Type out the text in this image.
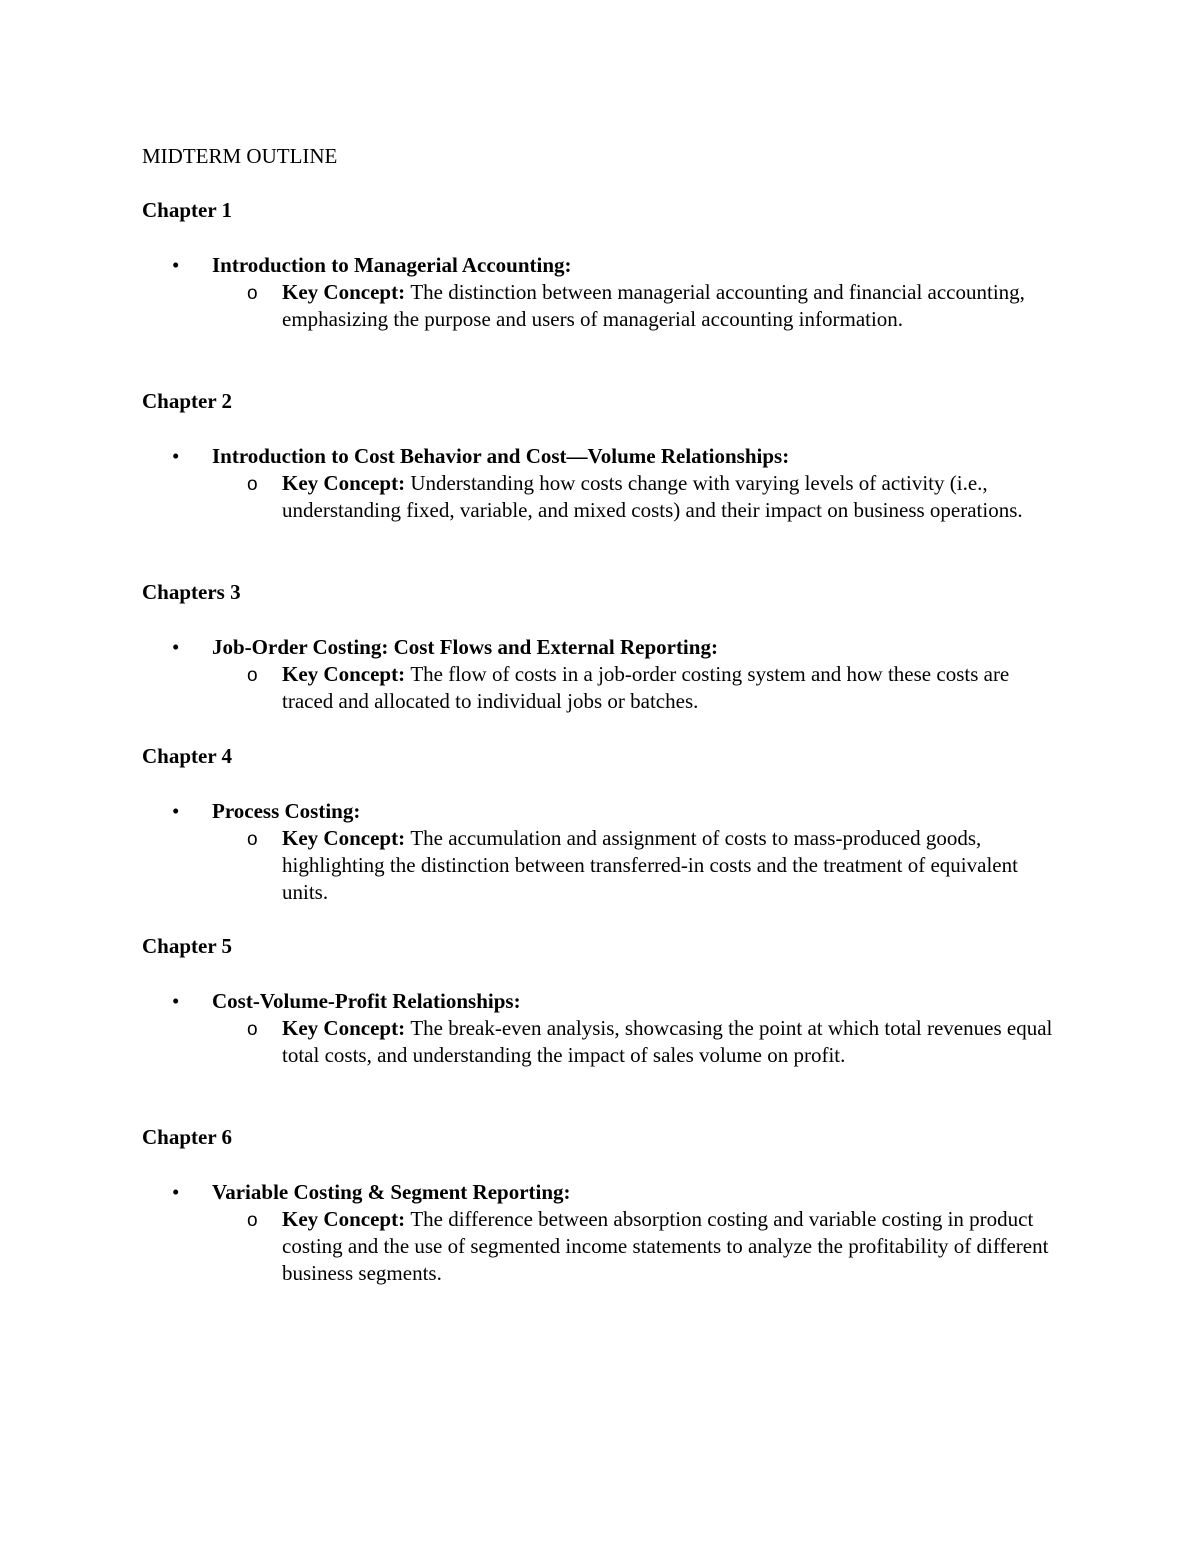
MIDTERM OUTLINE
Chapter 1
• Introduction to Managerial Accounting:
o Key Concept: The distinction between managerial accounting and financial accounting, emphasizing the purpose and users of managerial accounting information.
Chapter 2
• Introduction to Cost Behavior and Cost—Volume Relationships:
o Key Concept: Understanding how costs change with varying levels of activity (i.e., understanding fixed, variable, and mixed costs) and their impact on business operations.
Chapters 3
• Job-Order Costing: Cost Flows and External Reporting:
o Key Concept: The flow of costs in a job-order costing system and how these costs are traced and allocated to individual jobs or batches.
Chapter 4
• Process Costing:
o Key Concept: The accumulation and assignment of costs to mass-produced goods, highlighting the distinction between transferred-in costs and the treatment of equivalent units.
Chapter 5
• Cost-Volume-Profit Relationships:
o Key Concept: The break-even analysis, showcasing the point at which total revenues equal total costs, and understanding the impact of sales volume on profit.
Chapter 6
• Variable Costing & Segment Reporting:
o Key Concept: The difference between absorption costing and variable costing in product costing and the use of segmented income statements to analyze the profitability of different business segments.
